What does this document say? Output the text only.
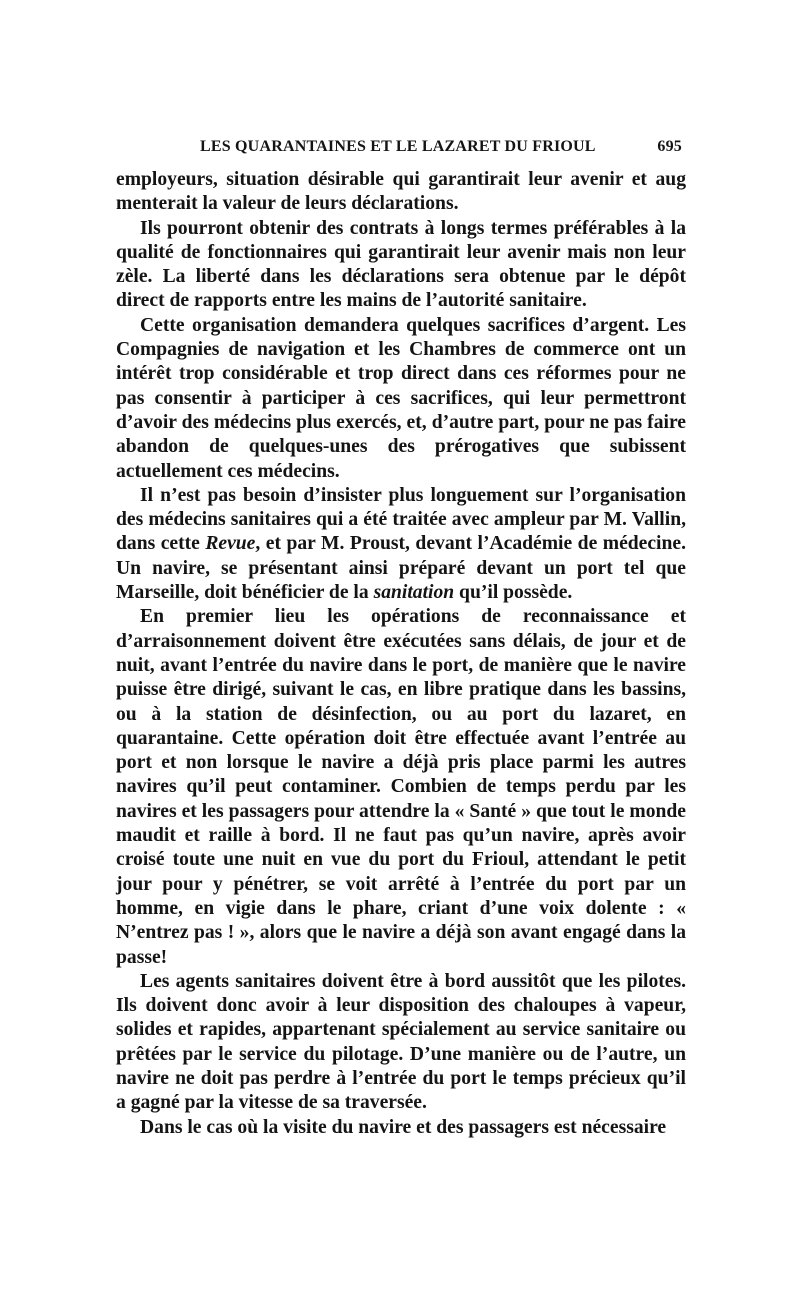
LES QUARANTAINES ET LE LAZARET DU FRIOUL	695

employeurs, situation désirable qui garantirait leur avenir et aug menterait la valeur de leurs déclarations.

Ils pourront obtenir des contrats à longs termes préférables à la qualité de fonctionnaires qui garantirait leur avenir mais non leur zèle. La liberté dans les déclarations sera obtenue par le dépôt direct de rapports entre les mains de l’autorité sanitaire.

Cette organisation demandera quelques sacrifices d’argent. Les Compagnies de navigation et les Chambres de commerce ont un intérêt trop considérable et trop direct dans ces réformes pour ne pas consentir à participer à ces sacrifices, qui leur permettront d’avoir des médecins plus exercés, et, d’autre part, pour ne pas faire abandon de quelques-unes des prérogatives que subissent actuellement ces médecins.

Il n’est pas besoin d’insister plus longuement sur l’organisation des médecins sanitaires qui a été traitée avec ampleur par M. Vallin, dans cette Revue, et par M. Proust, devant l’Académie de médecine. Un navire, se présentant ainsi préparé devant un port tel que Marseille, doit bénéficier de la sanitation qu’il possède.

En premier lieu les opérations de reconnaissance et d’arraisonnement doivent être exécutées sans délais, de jour et de nuit, avant l’entrée du navire dans le port, de manière que le navire puisse être dirigé, suivant le cas, en libre pratique dans les bassins, ou à la station de désinfection, ou au port du lazaret, en quarantaine. Cette opération doit être effectuée avant l’entrée au port et non lorsque le navire a déjà pris place parmi les autres navires qu’il peut contaminer. Combien de temps perdu par les navires et les passagers pour attendre la « Santé » que tout le monde maudit et raille à bord. Il ne faut pas qu’un navire, après avoir croisé toute une nuit en vue du port du Frioul, attendant le petit jour pour y pénétrer, se voit arrêté à l’entrée du port par un homme, en vigie dans le phare, criant d’une voix dolente : « N’entrez pas ! », alors que le navire a déjà son avant engagé dans la passe!

Les agents sanitaires doivent être à bord aussitôt que les pilotes. Ils doivent donc avoir à leur disposition des chaloupes à vapeur, solides et rapides, appartenant spécialement au service sanitaire ou prêtées par le service du pilotage. D’une manière ou de l’autre, un navire ne doit pas perdre à l’entrée du port le temps précieux qu’il a gagné par la vitesse de sa traversée.

Dans le cas où la visite du navire et des passagers est nécessaire
